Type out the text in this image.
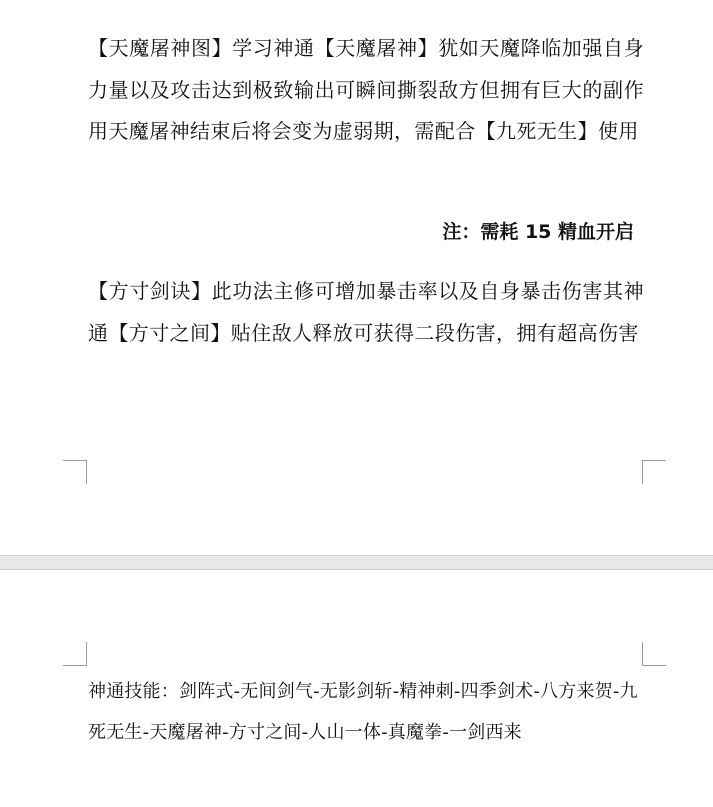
【天魔屠神图】学习神通【天魔屠神】犹如天魔降临加强自身力量以及攻击达到极致输出可瞬间撕裂敌方但拥有巨大的副作用天魔屠神结束后将会变为虚弱期，需配合【九死无生】使用

注：需耗 15 精血开启

【方寸剑诀】此功法主修可增加暴击率以及自身暴击伤害其神通【方寸之间】贴住敌人释放可获得二段伤害，拥有超高伤害

神通技能：剑阵式-无间剑气-无影剑斩-精神刺-四季剑术-八方来贺-九死无生-天魔屠神-方寸之间-人山一体-真魔拳-一剑西来
